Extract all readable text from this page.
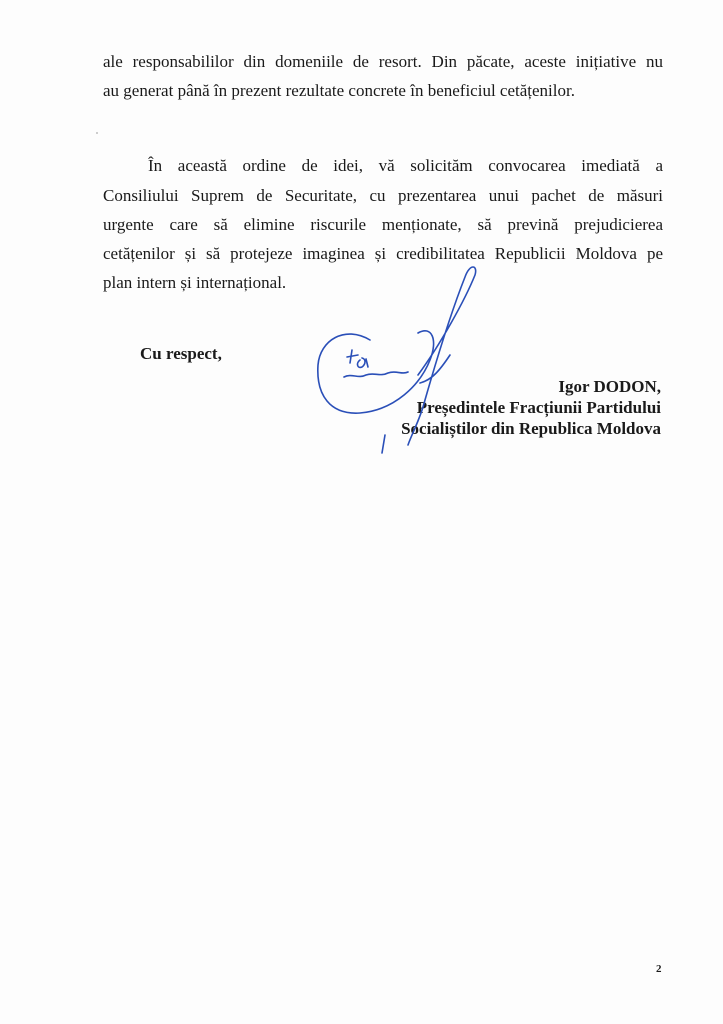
ale responsabililor din domeniile de resort. Din păcate, aceste inițiative nu
au generat până în prezent rezultate concrete în beneficiul cetățenilor.
În această ordine de idei, vă solicităm convocarea imediată a
Consiliului Suprem de Securitate, cu prezentarea unui pachet de măsuri
urgente care să elimine riscurile menționate, să prevină prejudicierea
cetățenilor și să protejeze imaginea și credibilitatea Republicii Moldova pe
plan intern și internațional.
Cu respect,
Igor DODON,
Președintele Fracțiunii Partidului
Socialiștilor din Republica Moldova
2
